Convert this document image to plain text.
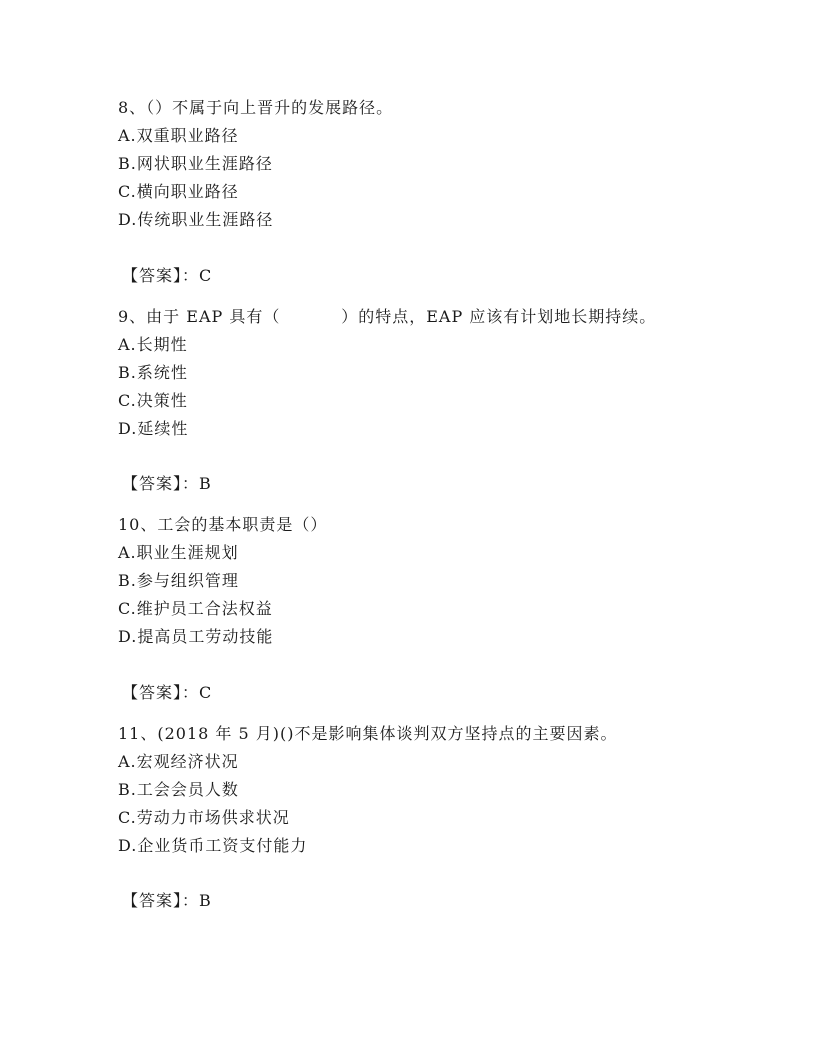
8、（）不属于向上晋升的发展路径。
A.双重职业路径
B.网状职业生涯路径
C.横向职业路径
D.传统职业生涯路径
【答案】：C
9、由于 EAP 具有（          ）的特点，EAP 应该有计划地长期持续。
A.长期性
B.系统性
C.决策性
D.延续性
【答案】：B
10、工会的基本职责是（）
A.职业生涯规划
B.参与组织管理
C.维护员工合法权益
D.提高员工劳动技能
【答案】：C
11、(2018 年 5 月)()不是影响集体谈判双方坚持点的主要因素。
A.宏观经济状况
B.工会会员人数
C.劳动力市场供求状况
D.企业货币工资支付能力
【答案】：B
